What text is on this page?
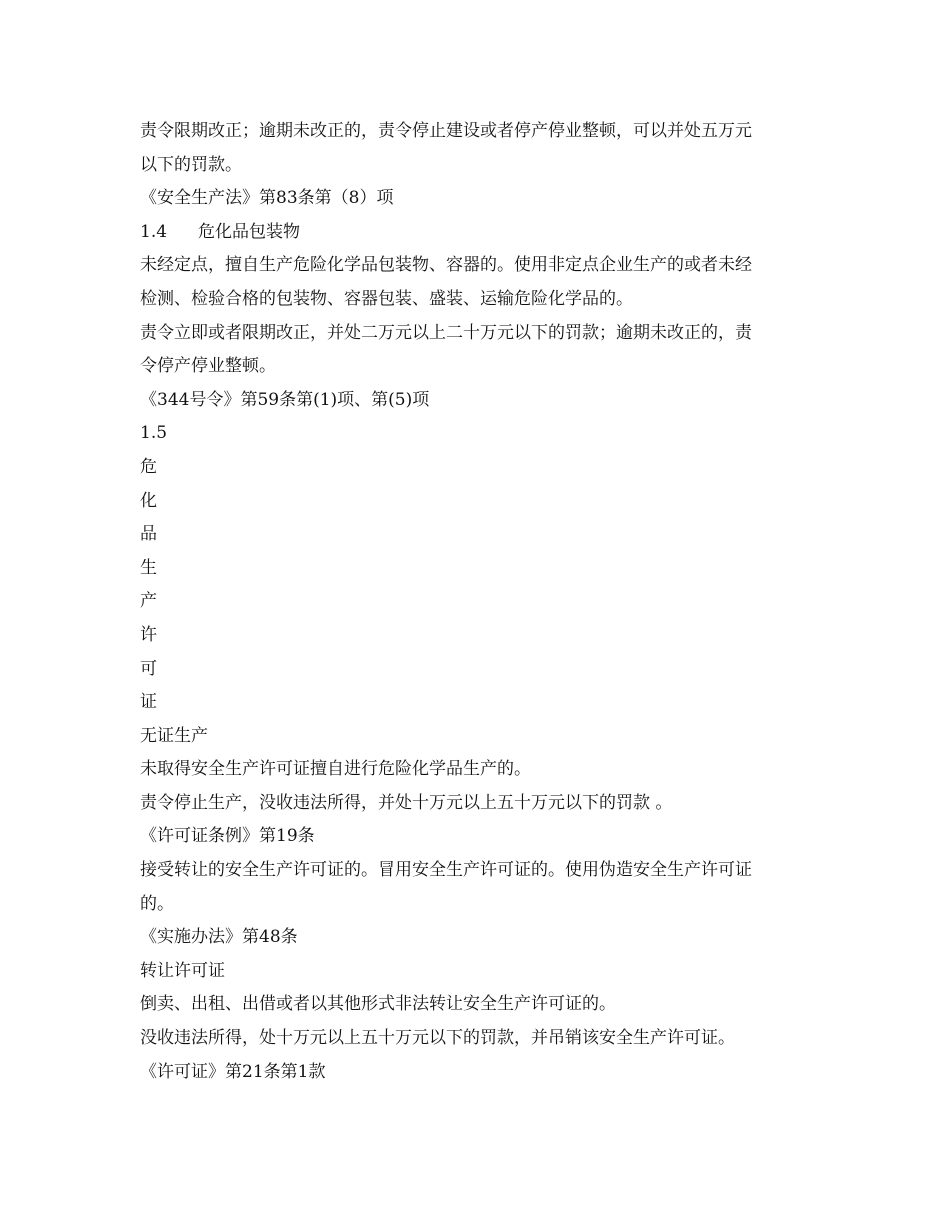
责令限期改正；逾期未改正的，责令停止建设或者停产停业整顿，可以并处五万元
以下的罚款。
《安全生产法》第83条第（8）项
1.4 危化品包装物
未经定点，擅自生产危险化学品包装物、容器的。使用非定点企业生产的或者未经
检测、检验合格的包装物、容器包装、盛装、运输危险化学品的。
责令立即或者限期改正，并处二万元以上二十万元以下的罚款；逾期未改正的，责
令停产停业整顿。
《344号令》第59条第(1)项、第(5)项
1.5
危
化
品
生
产
许
可
证
无证生产
未取得安全生产许可证擅自进行危险化学品生产的。
责令停止生产，没收违法所得，并处十万元以上五十万元以下的罚款 。
《许可证条例》第19条
接受转让的安全生产许可证的。冒用安全生产许可证的。使用伪造安全生产许可证
的。
《实施办法》第48条
转让许可证
倒卖、出租、出借或者以其他形式非法转让安全生产许可证的。
没收违法所得，处十万元以上五十万元以下的罚款，并吊销该安全生产许可证。
《许可证》第21条第1款
